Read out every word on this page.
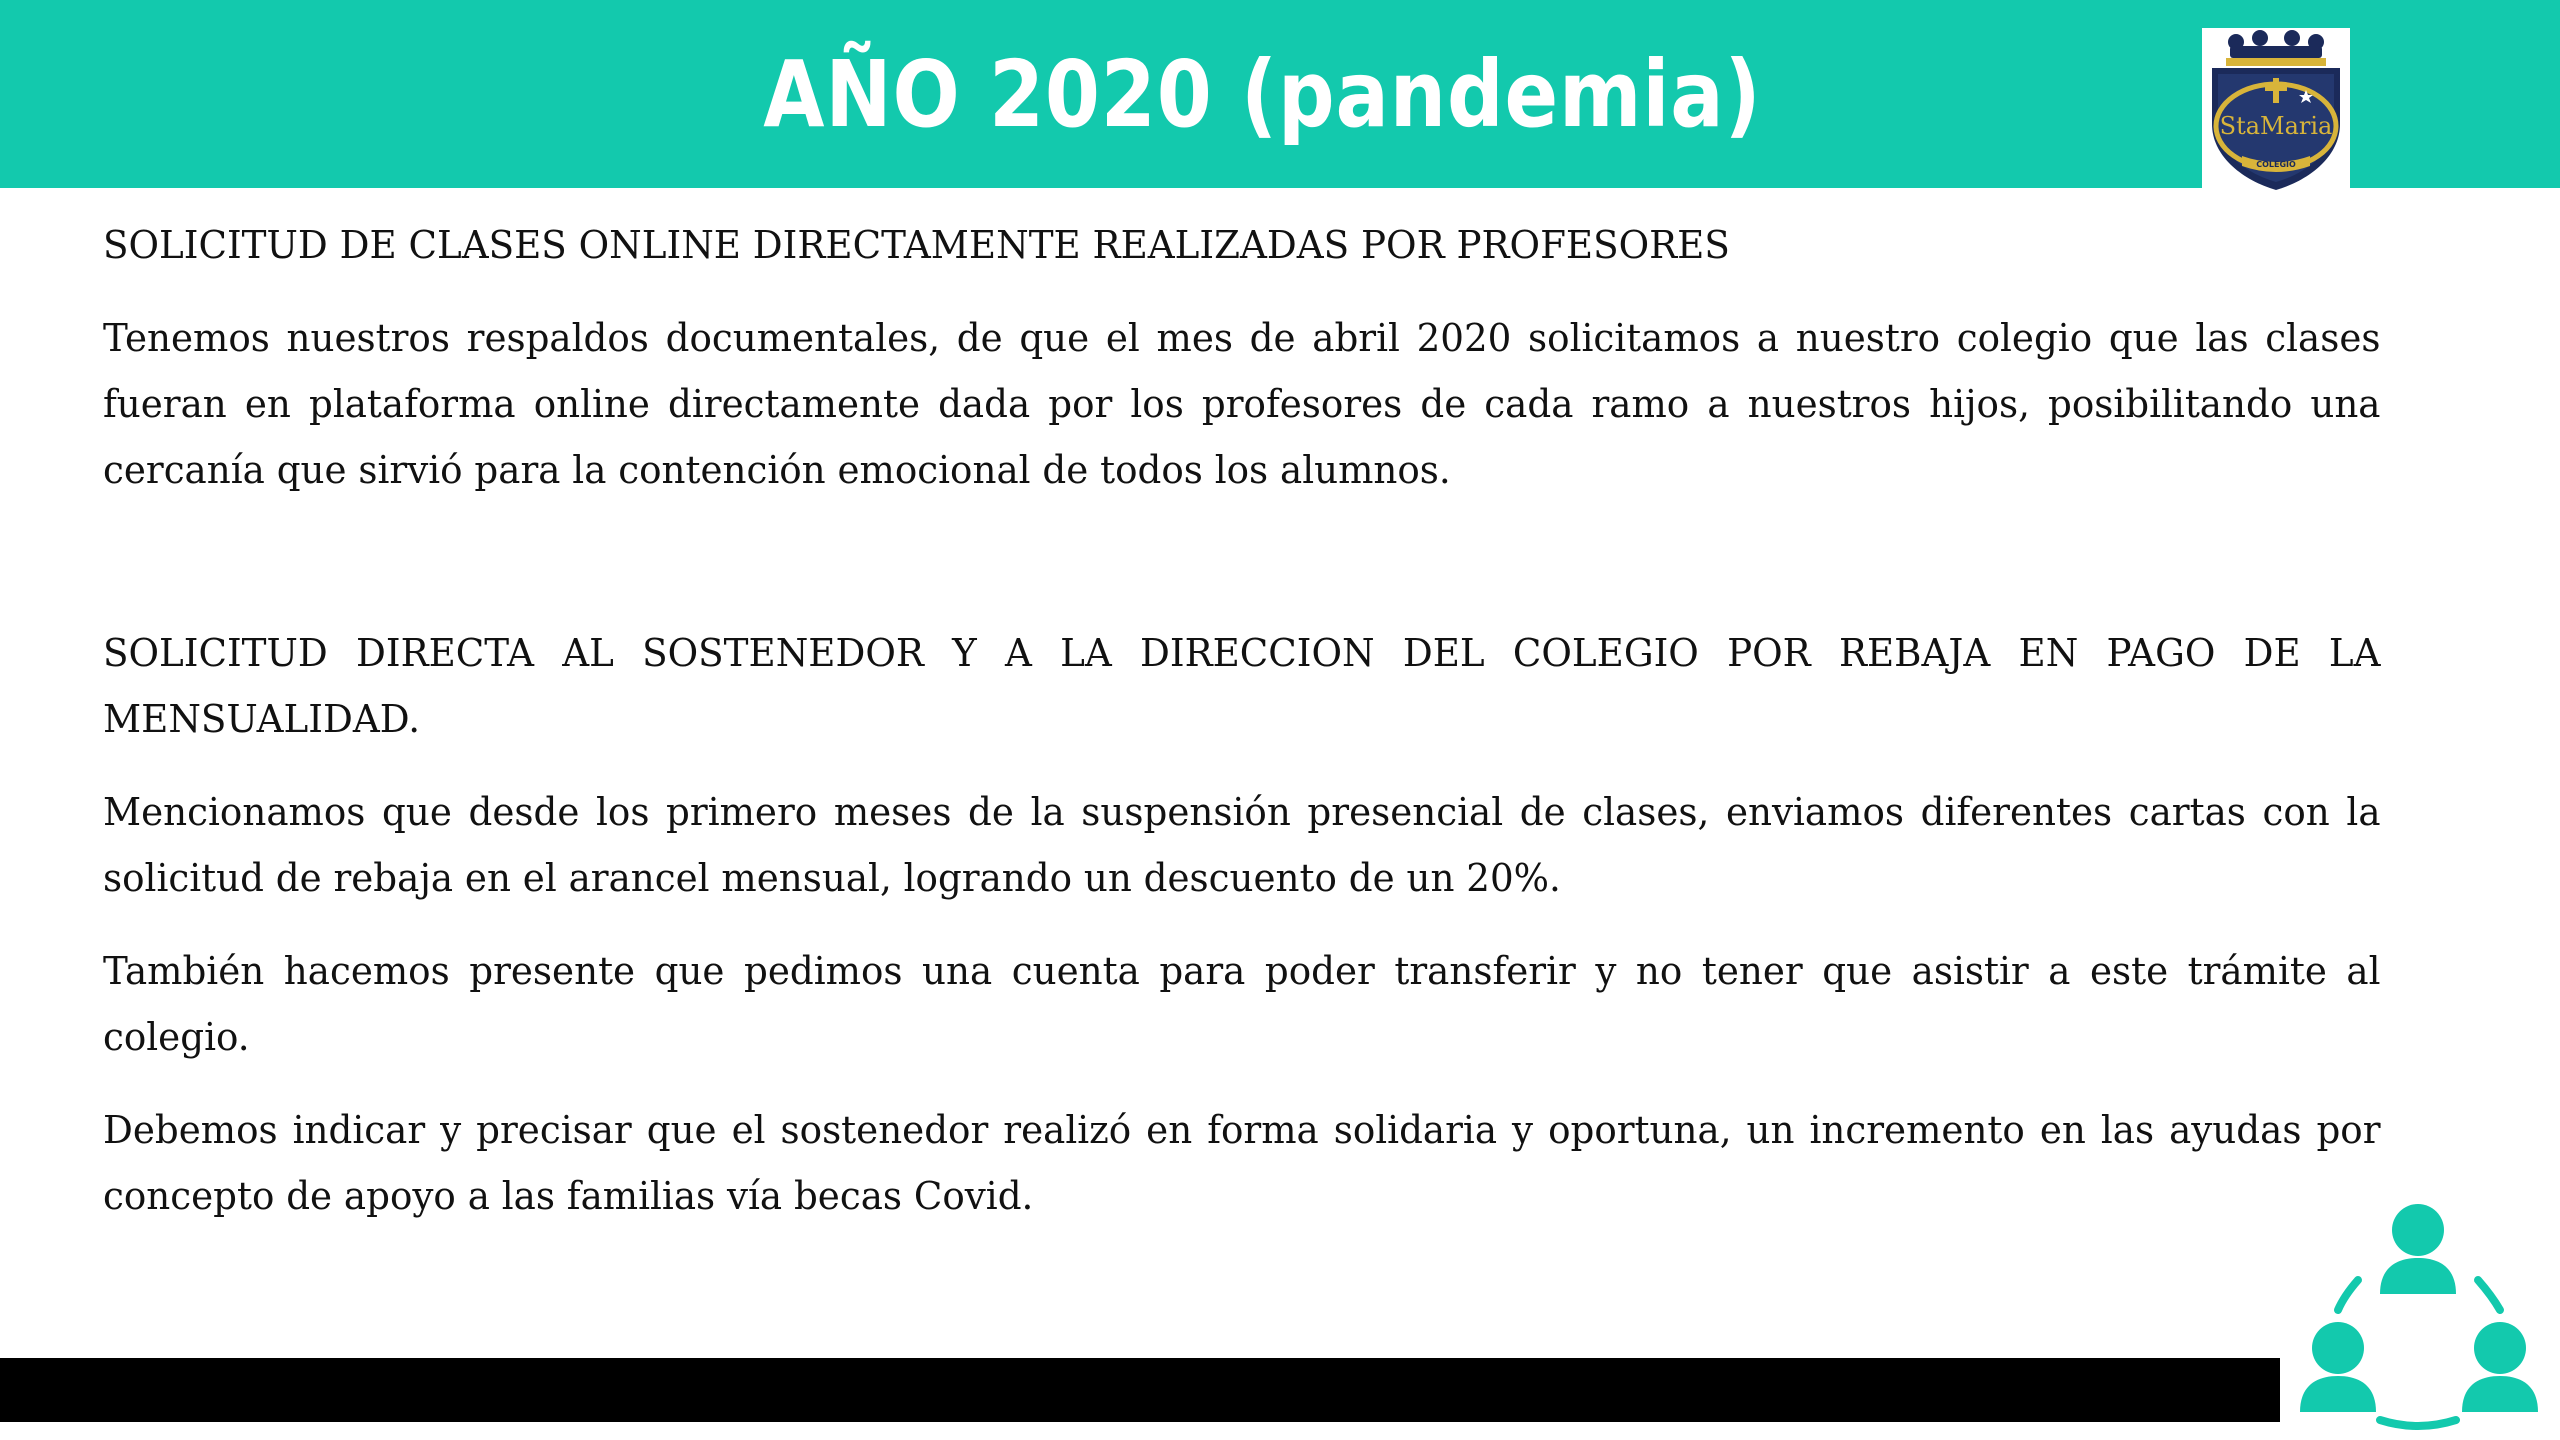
AÑO 2020 (pandemia)	StaMaria
COLEGIO

SOLICITUD DE CLASES ONLINE DIRECTAMENTE REALIZADAS POR PROFESORES

Tenemos nuestros respaldos documentales, de que el mes de abril 2020 solicitamos a nuestro colegio que las clases fueran en plataforma online directamente dada por los profesores de cada ramo a nuestros hijos, posibilitando una cercanía que sirvió para la contención emocional de todos los alumnos.

SOLICITUD DIRECTA AL SOSTENEDOR Y A LA DIRECCION DEL COLEGIO POR REBAJA EN PAGO DE LA MENSUALIDAD.

Mencionamos que desde los primero meses de la suspensión presencial de clases, enviamos diferentes cartas con la solicitud de rebaja en el arancel mensual, logrando un descuento de un 20%.

También hacemos presente que pedimos una cuenta para poder transferir y no tener que asistir a este trámite al colegio.

Debemos indicar y precisar que el sostenedor realizó en forma solidaria y oportuna, un incremento en las ayudas por concepto de apoyo a las familias vía becas Covid.
